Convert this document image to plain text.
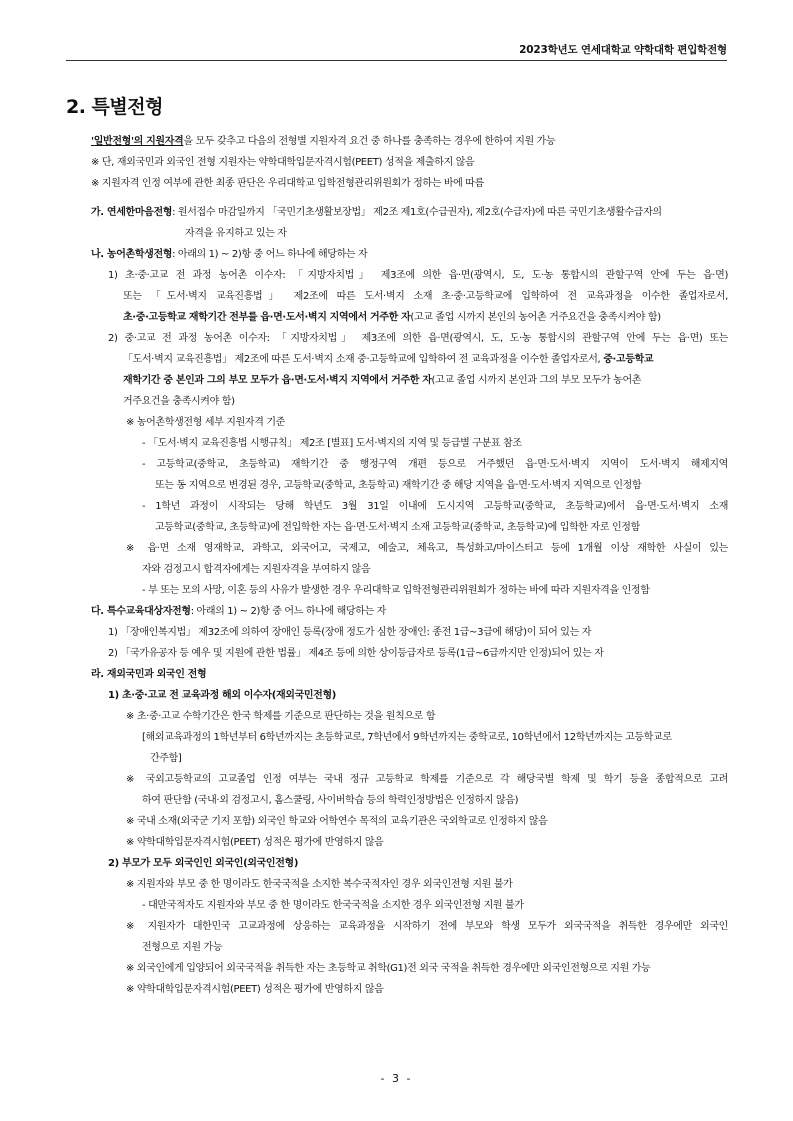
2023학년도 연세대학교 약학대학 편입학전형
2. 특별전형
'일반전형'의 지원자격을 모두 갖추고 다음의 전형별 지원자격 요건 중 하나를 충족하는 경우에 한하여 지원 가능
※ 단, 재외국민과 외국인 전형 지원자는 약학대학입문자격시험(PEET) 성적을 제출하지 않음
※ 지원자격 인정 여부에 관한 최종 판단은 우리대학교 입학전형관리위원회가 정하는 바에 따름
가. 연세한마음전형: 원서접수 마감일까지 「국민기초생활보장법」 제2조 제1호(수급권자), 제2호(수급자)에 따른 국민기초생활수급자의
자격을 유지하고 있는 자
나. 농어촌학생전형: 아래의 1) ~ 2)항 중 어느 하나에 해당하는 자
1) 초·중·고교 전 과정 농어촌 이수자: 「지방자치법」 제3조에 의한 읍·면(광역시, 도, 도·농 통합시의 관할구역 안에 두는 읍·면)
또는 「도서·벽지 교육진흥법」 제2조에 따른 도서·벽지 소재 초·중·고등학교에 입학하여 전 교육과정을 이수한 졸업자로서,
초·중·고등학교 재학기간 전부를 읍·면·도서·벽지 지역에서 거주한 자(고교 졸업 시까지 본인의 농어촌 거주요건을 충족시켜야 함)
2) 중·고교 전 과정 농어촌 이수자: 「지방자치법」 제3조에 의한 읍·면(광역시, 도, 도·농 통합시의 관할구역 안에 두는 읍·면) 또는
「도서·벽지 교육진흥법」 제2조에 따른 도서·벽지 소재 중·고등학교에 입학하여 전 교육과정을 이수한 졸업자로서, 중·고등학교
재학기간 중 본인과 그의 부모 모두가 읍·면·도서·벽지 지역에서 거주한 자(고교 졸업 시까지 본인과 그의 부모 모두가 농어촌
거주요건을 충족시켜야 함)
※ 농어촌학생전형 세부 지원자격 기준
- 「도서·벽지 교육진흥법 시행규칙」 제2조 [별표] 도서·벽지의 지역 및 등급별 구분표 참조
- 고등학교(중학교, 초등학교) 재학기간 중 행정구역 개편 등으로 거주했던 읍·면·도서·벽지 지역이 도서·벽지 해제지역
또는 동 지역으로 변경된 경우, 고등학교(중학교, 초등학교) 재학기간 중 해당 지역을 읍·면·도서·벽지 지역으로 인정함
- 1학년 과정이 시작되는 당해 학년도 3월 31일 이내에 도시지역 고등학교(중학교, 초등학교)에서 읍·면·도서·벽지 소재
고등학교(중학교, 초등학교)에 전입학한 자는 읍·면·도서·벽지 소재 고등학교(중학교, 초등학교)에 입학한 자로 인정함
※ 읍·면 소재 영재학교, 과학고, 외국어고, 국제고, 예술고, 체육고, 특성화고/마이스터고 등에 1개월 이상 재학한 사실이 있는
자와 검정고시 합격자에게는 지원자격을 부여하지 않음
- 부 또는 모의 사망, 이혼 등의 사유가 발생한 경우 우리대학교 입학전형관리위원회가 정하는 바에 따라 지원자격을 인정함
다. 특수교육대상자전형: 아래의 1) ~ 2)항 중 어느 하나에 해당하는 자
1) 「장애인복지법」 제32조에 의하여 장애인 등록(장애 정도가 심한 장애인: 종전 1급~3급에 해당)이 되어 있는 자
2) 「국가유공자 등 예우 및 지원에 관한 법률」 제4조 등에 의한 상이등급자로 등록(1급~6급까지만 인정)되어 있는 자
라. 재외국민과 외국인 전형
1) 초·중·고교 전 교육과정 해외 이수자(재외국민전형)
※ 초·중·고교 수학기간은 한국 학제를 기준으로 판단하는 것을 원칙으로 함
[해외교육과정의 1학년부터 6학년까지는 초등학교로, 7학년에서 9학년까지는 중학교로, 10학년에서 12학년까지는 고등학교로
간주함]
※ 국외고등학교의 고교졸업 인정 여부는 국내 정규 고등학교 학제를 기준으로 각 해당국별 학제 및 학기 등을 종합적으로 고려
하여 판단함 (국내·외 검정고시, 홈스쿨링, 사이버학습 등의 학력인정방법은 인정하지 않음)
※ 국내 소재(외국군 기지 포함) 외국인 학교와 어학연수 목적의 교육기관은 국외학교로 인정하지 않음
※ 약학대학입문자격시험(PEET) 성적은 평가에 반영하지 않음
2) 부모가 모두 외국인인 외국인(외국인전형)
※ 지원자와 부모 중 한 명이라도 한국국적을 소지한 복수국적자인 경우 외국인전형 지원 불가
- 대만국적자도 지원자와 부모 중 한 명이라도 한국국적을 소지한 경우 외국인전형 지원 불가
※ 지원자가 대한민국 고교과정에 상응하는 교육과정을 시작하기 전에 부모와 학생 모두가 외국국적을 취득한 경우에만 외국인
전형으로 지원 가능
※ 외국인에게 입양되어 외국국적을 취득한 자는 초등학교 취학(G1)전 외국 국적을 취득한 경우에만 외국인전형으로 지원 가능
※ 약학대학입문자격시험(PEET) 성적은 평가에 반영하지 않음
- 3 -
